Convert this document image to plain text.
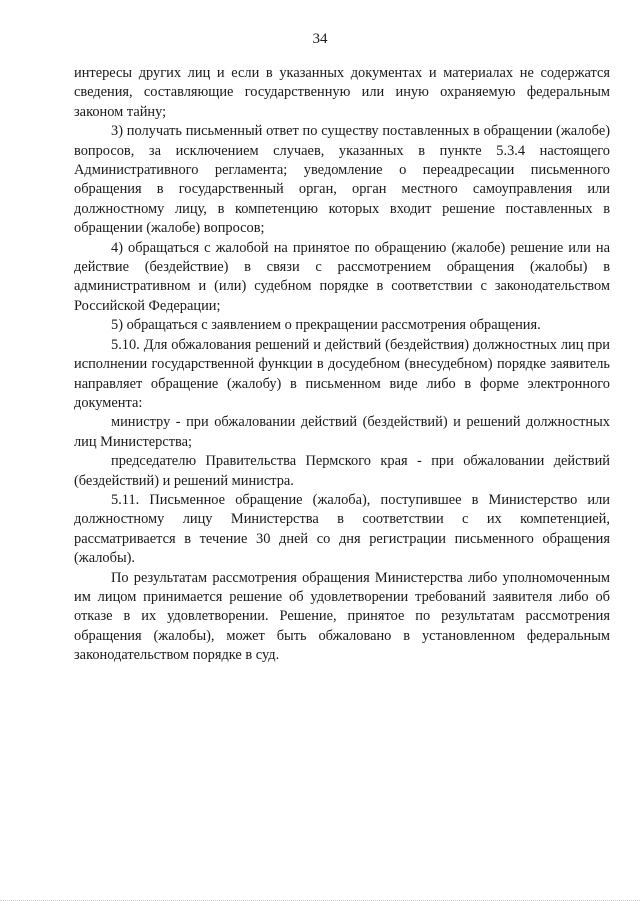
34

интересы других лиц и если в указанных документах и материалах не содержатся сведения, составляющие государственную или иную охраняемую федеральным законом тайну;

3) получать письменный ответ по существу поставленных в обращении (жалобе) вопросов, за исключением случаев, указанных в пункте 5.3.4 настоящего Административного регламента; уведомление о переадресации письменного обращения в государственный орган, орган местного самоуправления или должностному лицу, в компетенцию которых входит решение поставленных в обращении (жалобе) вопросов;

4) обращаться с жалобой на принятое по обращению (жалобе) решение или на действие (бездействие) в связи с рассмотрением обращения (жалобы) в административном и (или) судебном порядке в соответствии с законодательством Российской Федерации;

5) обращаться с заявлением о прекращении рассмотрения обращения.

5.10. Для обжалования решений и действий (бездействия) должностных лиц при исполнении государственной функции в досудебном (внесудебном) порядке заявитель направляет обращение (жалобу) в письменном виде либо в форме электронного документа:

министру - при обжаловании действий (бездействий) и решений должностных лиц Министерства;

председателю Правительства Пермского края - при обжаловании действий (бездействий) и решений министра.

5.11. Письменное обращение (жалоба), поступившее в Министерство или должностному лицу Министерства в соответствии с их компетенцией, рассматривается в течение 30 дней со дня регистрации письменного обращения (жалобы).

По результатам рассмотрения обращения Министерства либо уполномоченным им лицом принимается решение об удовлетворении требований заявителя либо об отказе в их удовлетворении. Решение, принятое по результатам рассмотрения обращения (жалобы), может быть обжаловано в установленном федеральным законодательством порядке в суд.
